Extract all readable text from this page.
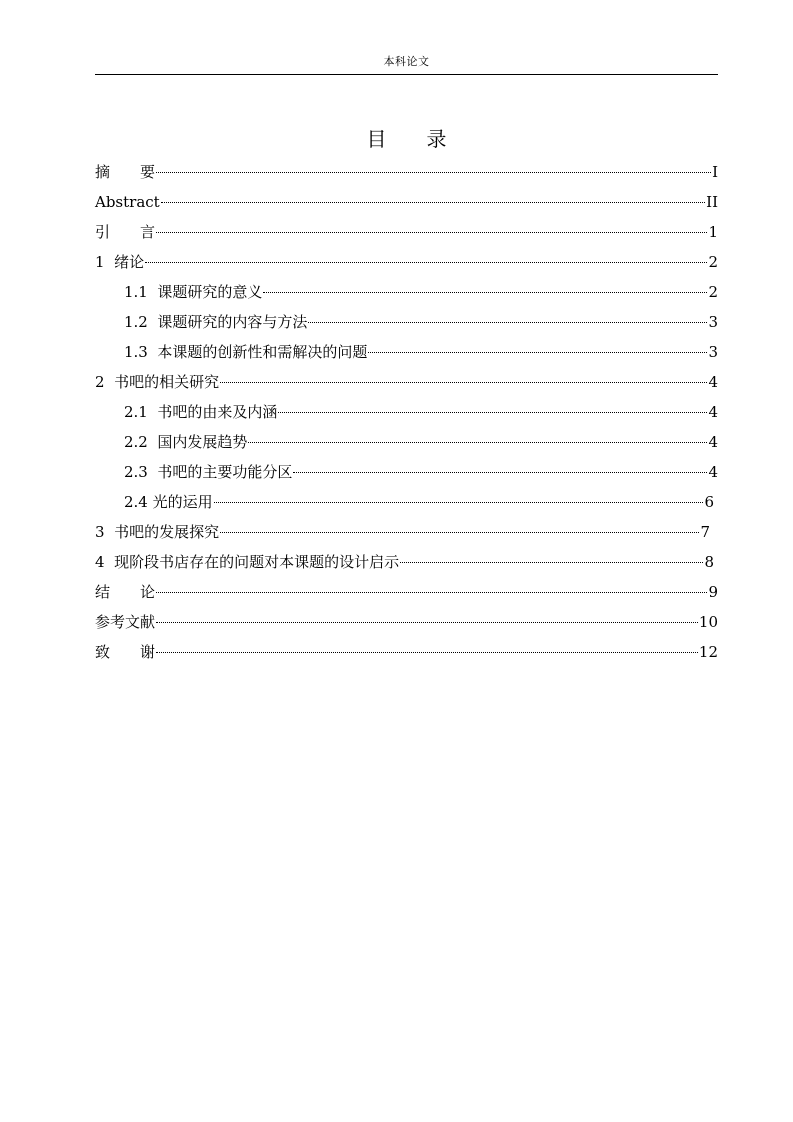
本科论文
目　　录
摘　　要	I
Abstract	II
引　　言	1
1  绪论	2
1.1  课题研究的意义	2
1.2  课题研究的内容与方法	3
1.3  本课题的创新性和需解决的问题	3
2  书吧的相关研究	4
2.1  书吧的由来及内涵	4
2.2  国内发展趋势	4
2.3  书吧的主要功能分区	4
2.4 光的运用	6
3  书吧的发展探究	7
4  现阶段书店存在的问题对本课题的设计启示	8
结　　论	9
参考文献	10
致　　谢	12
